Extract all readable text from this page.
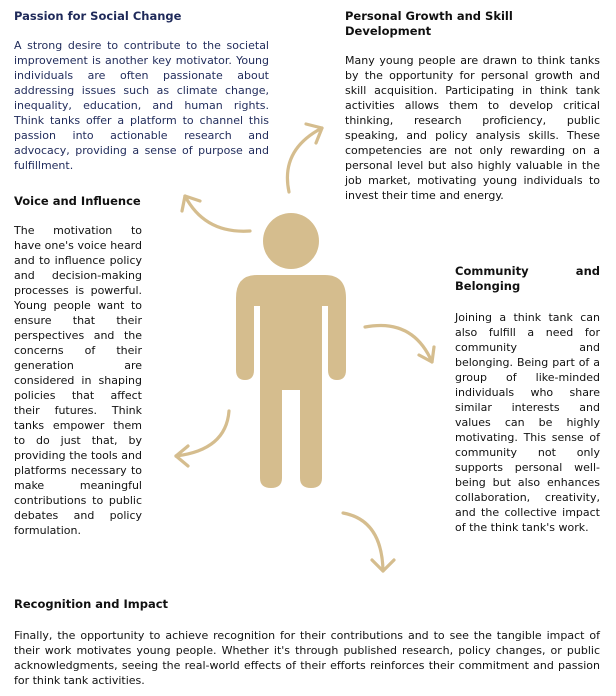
Passion for Social Change

A strong desire to contribute to the societal improvement is another key motivator. Young individuals are often passionate about addressing issues such as climate change, inequality, education, and human rights. Think tanks offer a platform to channel this passion into actionable research and advocacy, providing a sense of purpose and fulfillment.

Personal Growth and Skill Development

Many young people are drawn to think tanks by the opportunity for personal growth and skill acquisition. Participating in think tank activities allows them to develop critical thinking, research proficiency, public speaking, and policy analysis skills. These competencies are not only rewarding on a personal level but also highly valuable in the job market, motivating young individuals to invest their time and energy.

Voice and Influence

The motivation to have one's voice heard and to influence policy and decision-making processes is powerful. Young people want to ensure that their perspectives and the concerns of their generation are considered in shaping policies that affect their futures. Think tanks empower them to do just that, by providing the tools and platforms necessary to make meaningful contributions to public debates and policy formulation.

Community and Belonging

Joining a think tank can also fulfill a need for community and belonging. Being part of a group of like-minded individuals who share similar interests and values can be highly motivating. This sense of community not only supports personal well-being but also enhances collaboration, creativity, and the collective impact of the think tank's work.

Recognition and Impact

Finally, the opportunity to achieve recognition for their contributions and to see the tangible impact of their work motivates young people. Whether it's through published research, policy changes, or public acknowledgments, seeing the real-world effects of their efforts reinforces their commitment and passion for think tank activities.
